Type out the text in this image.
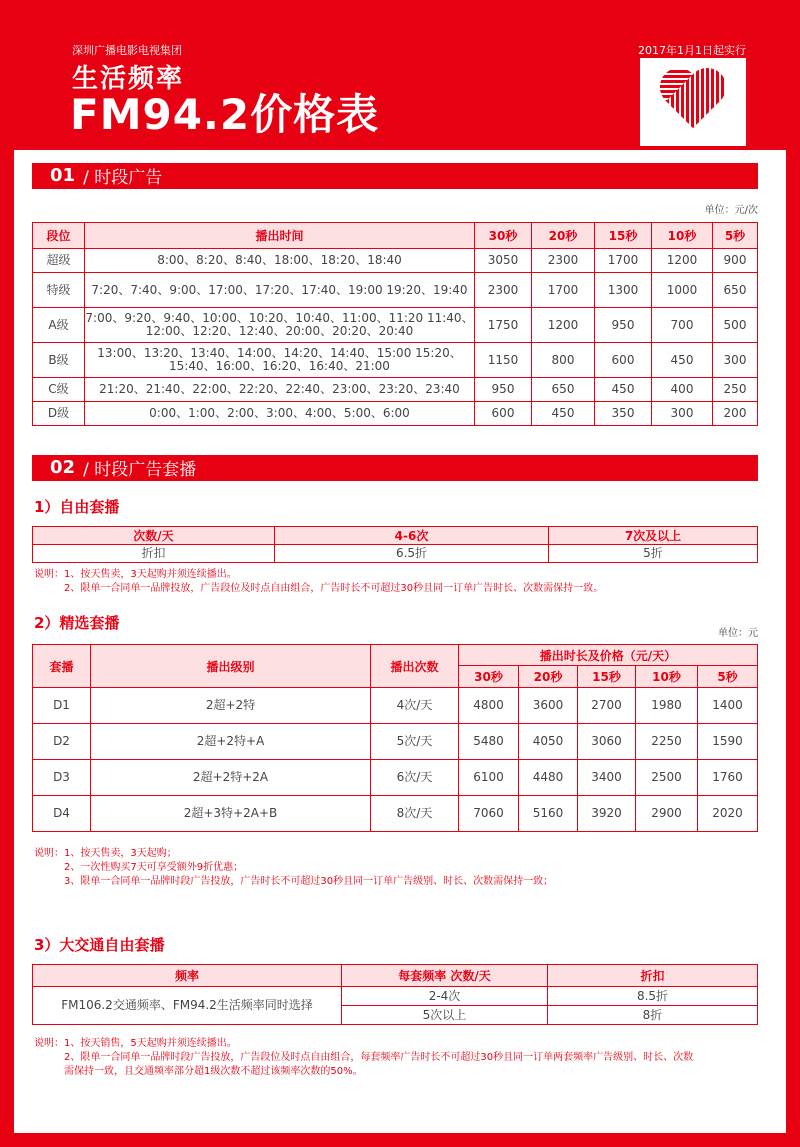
深圳广播电影电视集团
生活频率
FM94.2价格表
2017年1月1日起实行
01 / 时段广告
单位：元/次
段位	播出时间	30秒	20秒	15秒	10秒	5秒
超级	8:00、8:20、8:40、18:00、18:20、18:40	3050	2300	1700	1200	900
特级	7:20、7:40、9:00、17:00、17:20、17:40、19:00 19:20、19:40	2300	1700	1300	1000	650
A级	7:00、9:20、9:40、10:00、10:20、10:40、11:00、11:20 11:40、12:00、12:20、12:40、20:00、20:20、20:40	1750	1200	950	700	500
B级	13:00、13:20、13:40、14:00、14:20、14:40、15:00 15:20、15:40、16:00、16:20、16:40、21:00	1150	800	600	450	300
C级	21:20、21:40、22:00、22:20、22:40、23:00、23:20、23:40	950	650	450	400	250
D级	0:00、1:00、2:00、3:00、4:00、5:00、6:00	600	450	350	300	200
02 / 时段广告套播
1）自由套播
次数/天	4-6次	7次及以上
折扣	6.5折	5折
说明：1、按天售卖，3天起购并须连续播出。
2、限单一合同单一品牌投放，广告段位及时点自由组合，广告时长不可超过30秒且同一订单广告时长、次数需保持一致。
2）精选套播
单位：元
套播	播出级别	播出次数	播出时长及价格（元/天）				
			30秒	20秒	15秒	10秒	5秒
D1	2超+2特	4次/天	4800	3600	2700	1980	1400
D2	2超+2特+A	5次/天	5480	4050	3060	2250	1590
D3	2超+2特+2A	6次/天	6100	4480	3400	2500	1760
D4	2超+3特+2A+B	8次/天	7060	5160	3920	2900	2020
说明：1、按天售卖，3天起购；
2、一次性购买7天可享受额外9折优惠；
3、限单一合同单一品牌时段广告投放，广告时长不可超过30秒且同一订单广告级别、时长、次数需保持一致；
3）大交通自由套播
频率	每套频率 次数/天	折扣
FM106.2交通频率、FM94.2生活频率同时选择	2-4次	8.5折
	5次以上	8折
说明：1、按天销售，5天起购并须连续播出。
2、限单一合同单一品牌时段广告投放，广告段位及时点自由组合，每套频率广告时长不可超过30秒且同一订单两套频率广告级别、时长、次数
需保持一致，且交通频率部分超1级次数不超过该频率次数的50%。
